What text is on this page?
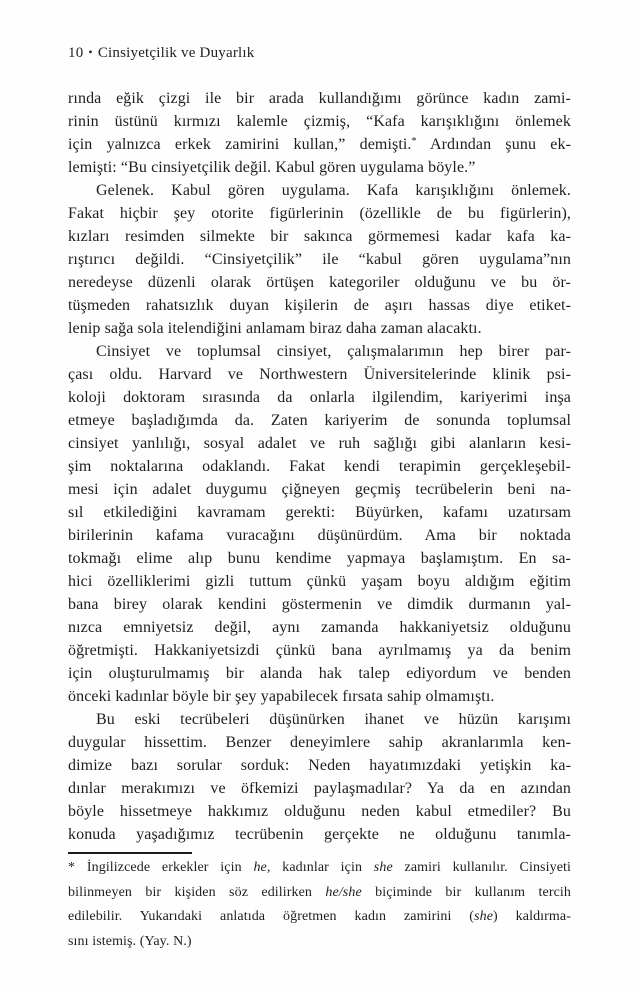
10 • Cinsiyetçilik ve Duyarlık
rında eğik çizgi ile bir arada kullandığımı görünce kadın zami-
rinin üstünü kırmızı kalemle çizmiş, “Kafa karışıklığını önlemek
için yalnızca erkek zamirini kullan,” demişti.* Ardından şunu ek-
lemişti: “Bu cinsiyetçilik değil. Kabul gören uygulama böyle.”
Gelenek. Kabul gören uygulama. Kafa karışıklığını önlemek.
Fakat hiçbir şey otorite figürlerinin (özellikle de bu figürlerin),
kızları resimden silmekte bir sakınca görmemesi kadar kafa ka-
rıştırıcı değildi. “Cinsiyetçilik” ile “kabul gören uygulama”nın
neredeyse düzenli olarak örtüşen kategoriler olduğunu ve bu ör-
tüşmeden rahatsızlık duyan kişilerin de aşırı hassas diye etiket-
lenip sağa sola itelendiğini anlamam biraz daha zaman alacaktı.
Cinsiyet ve toplumsal cinsiyet, çalışmalarımın hep birer par-
çası oldu. Harvard ve Northwestern Üniversitelerinde klinik psi-
koloji doktoram sırasında da onlarla ilgilendim, kariyerimi inşa
etmeye başladığımda da. Zaten kariyerim de sonunda toplumsal
cinsiyet yanlılığı, sosyal adalet ve ruh sağlığı gibi alanların kesi-
şim noktalarına odaklandı. Fakat kendi terapimin gerçekleşebil-
mesi için adalet duygumu çiğneyen geçmiş tecrübelerin beni na-
sıl etkilediğini kavramam gerekti: Büyürken, kafamı uzatırsam
birilerinin kafama vuracağını düşünürdüm. Ama bir noktada
tokmağı elime alıp bunu kendime yapmaya başlamıştım. En sa-
hici özelliklerimi gizli tuttum çünkü yaşam boyu aldığım eğitim
bana birey olarak kendini göstermenin ve dimdik durmanın yal-
nızca emniyetsiz değil, aynı zamanda hakkaniyetsiz olduğunu
öğretmişti. Hakkaniyetsizdi çünkü bana ayrılmamış ya da benim
için oluşturulmamış bir alanda hak talep ediyordum ve benden
önceki kadınlar böyle bir şey yapabilecek fırsata sahip olmamıştı.
Bu eski tecrübeleri düşünürken ihanet ve hüzün karışımı
duygular hissettim. Benzer deneyimlere sahip akranlarımla ken-
dimize bazı sorular sorduk: Neden hayatımızdaki yetişkin ka-
dınlar merakımızı ve öfkemizi paylaşmadılar? Ya da en azından
böyle hissetmeye hakkımız olduğunu neden kabul etmediler? Bu
konuda yaşadığımız tecrübenin gerçekte ne olduğunu tanımla-
* İngilizcede erkekler için he, kadınlar için she zamiri kullanılır. Cinsiyeti
bilinmeyen bir kişiden söz edilirken he/she biçiminde bir kullanım tercih
edilebilir. Yukarıdaki anlatıda öğretmen kadın zamirini (she) kaldırma-
sını istemiş. (Yay. N.)
